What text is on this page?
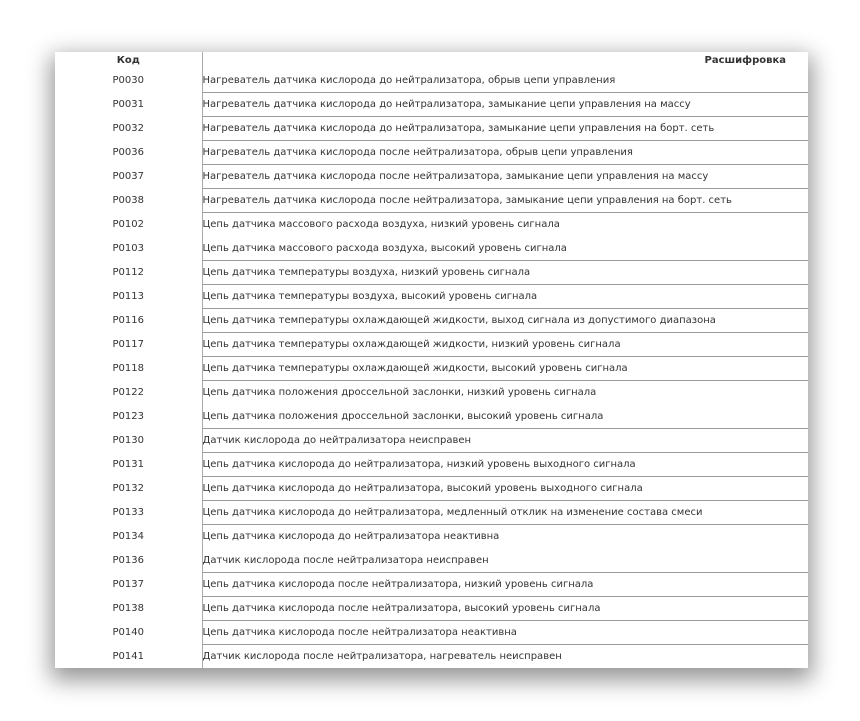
Код	Расшифровка
P0030	Нагреватель датчика кислорода до нейтрализатора, обрыв цепи управления
P0031	Нагреватель датчика кислорода до нейтрализатора, замыкание цепи управления на массу
P0032	Нагреватель датчика кислорода до нейтрализатора, замыкание цепи управления на борт. сеть
P0036	Нагреватель датчика кислорода после нейтрализатора, обрыв цепи управления
P0037	Нагреватель датчика кислорода после нейтрализатора, замыкание цепи управления на массу
P0038	Нагреватель датчика кислорода после нейтрализатора, замыкание цепи управления на борт. сеть
P0102	Цепь датчика массового расхода воздуха, низкий уровень сигнала
P0103	Цепь датчика массового расхода воздуха, высокий уровень сигнала
P0112	Цепь датчика температуры воздуха, низкий уровень сигнала
P0113	Цепь датчика температуры воздуха, высокий уровень сигнала
P0116	Цепь датчика температуры охлаждающей жидкости, выход сигнала из допустимого диапазона
P0117	Цепь датчика температуры охлаждающей жидкости, низкий уровень сигнала
P0118	Цепь датчика температуры охлаждающей жидкости, высокий уровень сигнала
P0122	Цепь датчика положения дроссельной заслонки, низкий уровень сигнала
P0123	Цепь датчика положения дроссельной заслонки, высокий уровень сигнала
P0130	Датчик кислорода до нейтрализатора неисправен
P0131	Цепь датчика кислорода до нейтрализатора, низкий уровень выходного сигнала
P0132	Цепь датчика кислорода до нейтрализатора, высокий уровень выходного сигнала
P0133	Цепь датчика кислорода до нейтрализатора, медленный отклик на изменение состава смеси
P0134	Цепь датчика кислорода до нейтрализатора неактивна
P0136	Датчик кислорода после нейтрализатора неисправен
P0137	Цепь датчика кислорода после нейтрализатора, низкий уровень сигнала
P0138	Цепь датчика кислорода после нейтрализатора, высокий уровень сигнала
P0140	Цепь датчика кислорода после нейтрализатора неактивна
P0141	Датчик кислорода после нейтрализатора, нагреватель неисправен
